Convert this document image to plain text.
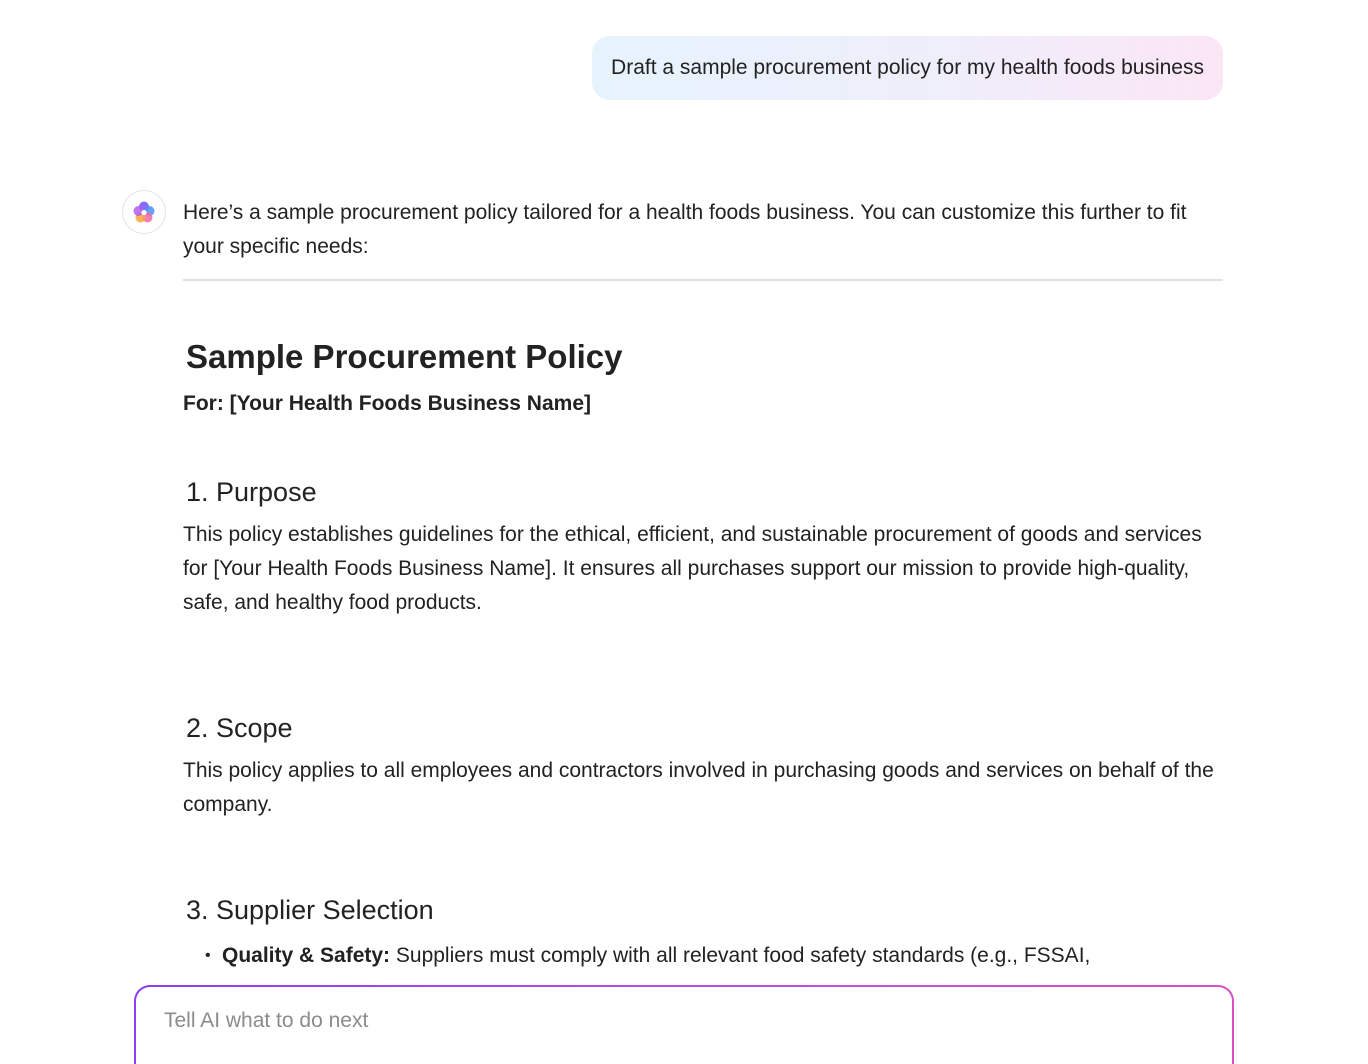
Draft a sample procurement policy for my health foods business

Here’s a sample procurement policy tailored for a health foods business. You can customize this further to fit your specific needs:

Sample Procurement Policy

For: [Your Health Foods Business Name]

1. Purpose

This policy establishes guidelines for the ethical, efficient, and sustainable procurement of goods and services for [Your Health Foods Business Name]. It ensures all purchases support our mission to provide high-quality, safe, and healthy food products.

2. Scope

This policy applies to all employees and contractors involved in purchasing goods and services on behalf of the company.

3. Supplier Selection
• Quality & Safety: Suppliers must comply with all relevant food safety standards (e.g., FSSAI,
Tell AI what to do next
